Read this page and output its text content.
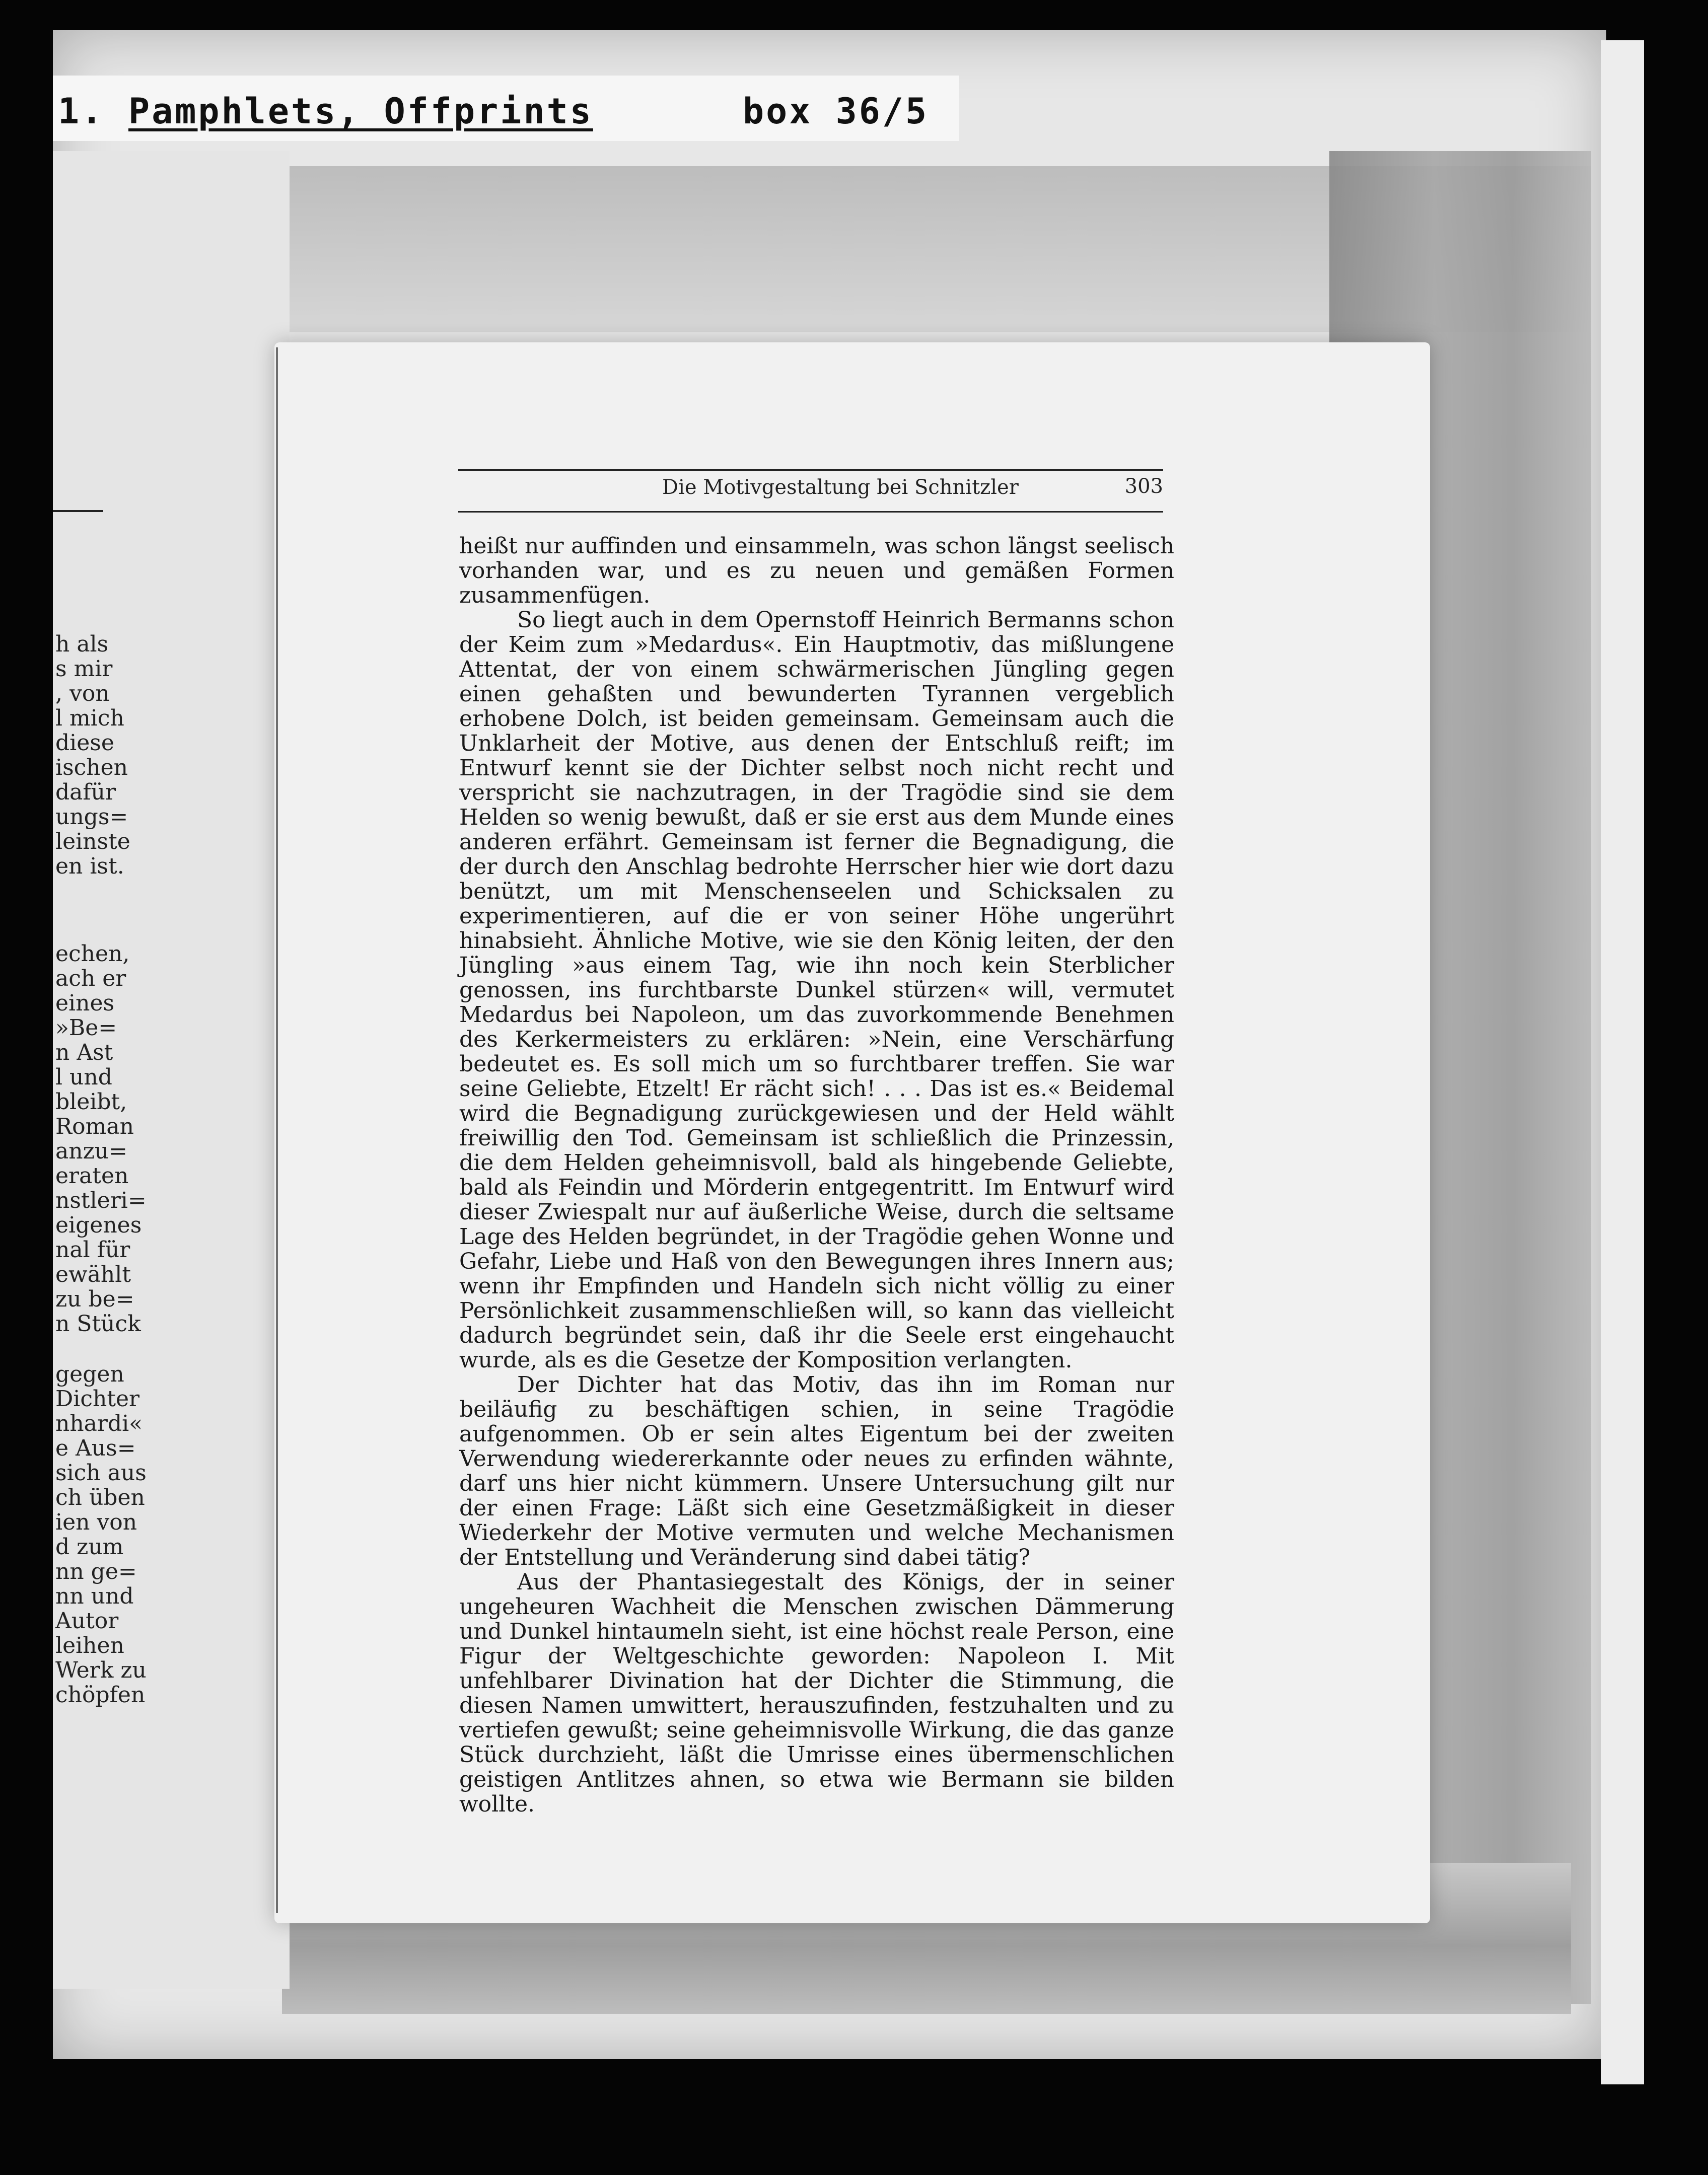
1. Pamphlets, Offprints	box 36/5
h als
s mir
, von
l mich
diese
ischen
dafür
ungs=
leinste
en ist.
echen,
ach er
eines
»Be=
n Ast
l und
bleibt,
Roman
anzu=
eraten
nstleri=
eigenes
nal für
ewählt
zu be=
n Stück
gegen
Dichter
nhardi«
e Aus=
sich aus
ch üben
ien von
d zum
nn ge=
nn und
Autor
leihen
Werk zu
chöpfen
Die Motivgestaltung bei Schnitzler	303

heißt nur auffinden und einsammeln, was schon längst seelisch vorhanden war, und es zu neuen und gemäßen Formen zusammenfügen.

So liegt auch in dem Opernstoff Heinrich Bermanns schon der Keim zum »Medardus«. Ein Hauptmotiv, das mißlungene Attentat, der von einem schwärmerischen Jüngling gegen einen gehaßten und bewunderten Tyrannen vergeblich erhobene Dolch, ist beiden gemeinsam. Gemeinsam auch die Unklarheit der Motive, aus denen der Entschluß reift; im Entwurf kennt sie der Dichter selbst noch nicht recht und verspricht sie nachzutragen, in der Tragödie sind sie dem Helden so wenig bewußt, daß er sie erst aus dem Munde eines anderen erfährt. Gemeinsam ist ferner die Begnadigung, die der durch den Anschlag bedrohte Herrscher hier wie dort dazu benützt, um mit Menschenseelen und Schicksalen zu experimentieren, auf die er von seiner Höhe ungerührt hinabsieht. Ähnliche Motive, wie sie den König leiten, der den Jüngling »aus einem Tag, wie ihn noch kein Sterblicher genossen, ins furchtbarste Dunkel stürzen« will, vermutet Medardus bei Napoleon, um das zuvorkommende Benehmen des Kerkermeisters zu erklären: »Nein, eine Verschärfung bedeutet es. Es soll mich um so furchtbarer treffen. Sie war seine Geliebte, Etzelt! Er rächt sich! . . . Das ist es.« Beidemal wird die Begnadigung zurückgewiesen und der Held wählt freiwillig den Tod. Gemeinsam ist schließlich die Prinzessin, die dem Helden geheimnisvoll, bald als hingebende Geliebte, bald als Feindin und Mörderin entgegentritt. Im Entwurf wird dieser Zwiespalt nur auf äußerliche Weise, durch die seltsame Lage des Helden begründet, in der Tragödie gehen Wonne und Gefahr, Liebe und Haß von den Bewegungen ihres Innern aus; wenn ihr Empfinden und Handeln sich nicht völlig zu einer Persönlichkeit zusammenschließen will, so kann das vielleicht dadurch begründet sein, daß ihr die Seele erst eingehaucht wurde, als es die Gesetze der Komposition verlangten.

Der Dichter hat das Motiv, das ihn im Roman nur beiläufig zu beschäftigen schien, in seine Tragödie aufgenommen. Ob er sein altes Eigentum bei der zweiten Verwendung wiedererkannte oder neues zu erfinden wähnte, darf uns hier nicht kümmern. Unsere Untersuchung gilt nur der einen Frage: Läßt sich eine Gesetzmäßigkeit in dieser Wiederkehr der Motive vermuten und welche Mechanismen der Entstellung und Veränderung sind dabei tätig?

Aus der Phantasiegestalt des Königs, der in seiner ungeheuren Wachheit die Menschen zwischen Dämmerung und Dunkel hintaumeln sieht, ist eine höchst reale Person, eine Figur der Weltgeschichte geworden: Napoleon I. Mit unfehlbarer Divination hat der Dichter die Stimmung, die diesen Namen umwittert, herauszufinden, festzuhalten und zu vertiefen gewußt; seine geheimnisvolle Wirkung, die das ganze Stück durchzieht, läßt die Umrisse eines übermenschlichen geistigen Antlitzes ahnen, so etwa wie Bermann sie bilden wollte.
